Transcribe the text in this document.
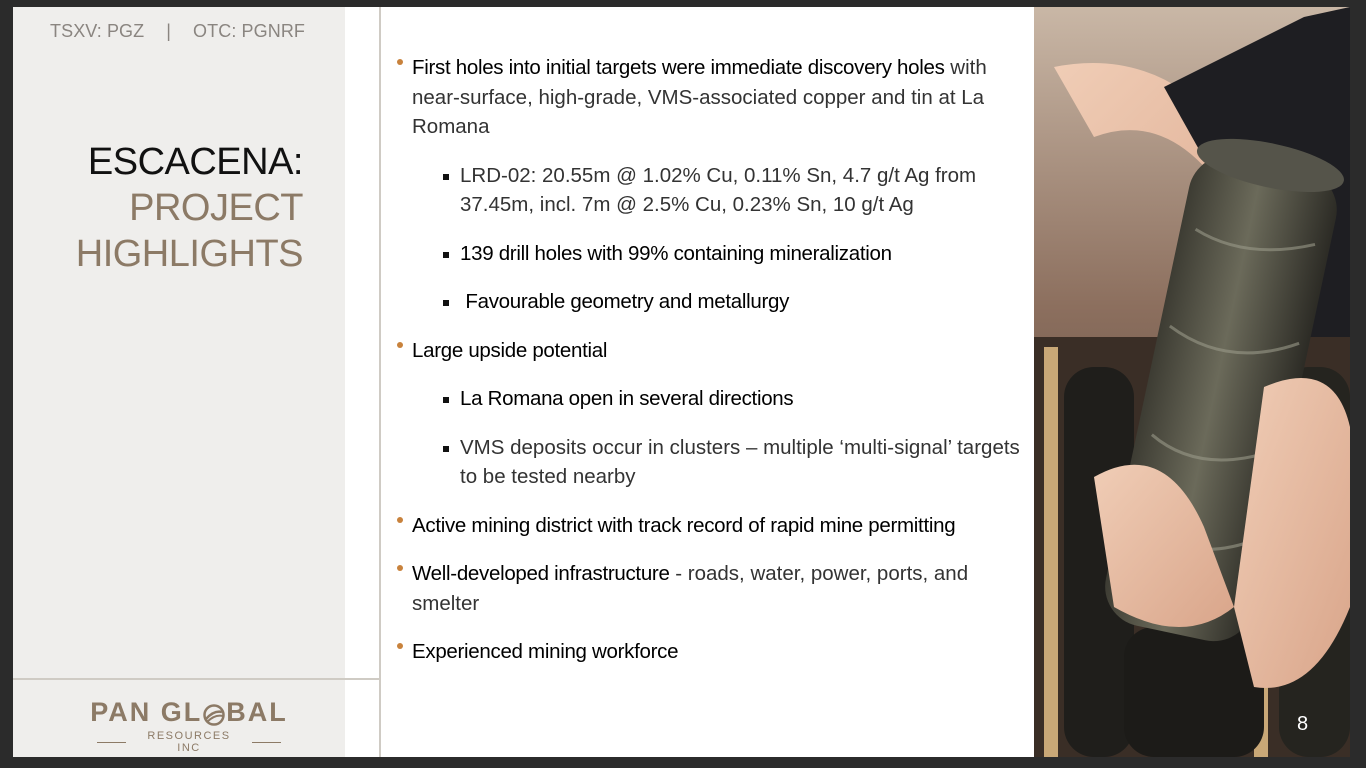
TSXV: PGZ | OTC: PGNRF
ESCACENA:
PROJECT
HIGHLIGHTS
PAN GL BAL
RESOURCES INC
First holes into initial targets were immediate discovery holes with near-surface, high-grade, VMS-associated copper and tin at La Romana
LRD-02: 20.55m @ 1.02% Cu, 0.11% Sn, 4.7 g/t Ag from 37.45m, incl. 7m @ 2.5% Cu, 0.23% Sn, 10 g/t Ag
139 drill holes with 99% containing mineralization
Favourable geometry and metallurgy
Large upside potential
La Romana open in several directions
VMS deposits occur in clusters – multiple ‘multi-signal’ targets to be tested nearby
Active mining district with track record of rapid mine permitting
Well-developed infrastructure - roads, water, power, ports, and smelter
Experienced mining workforce
8
